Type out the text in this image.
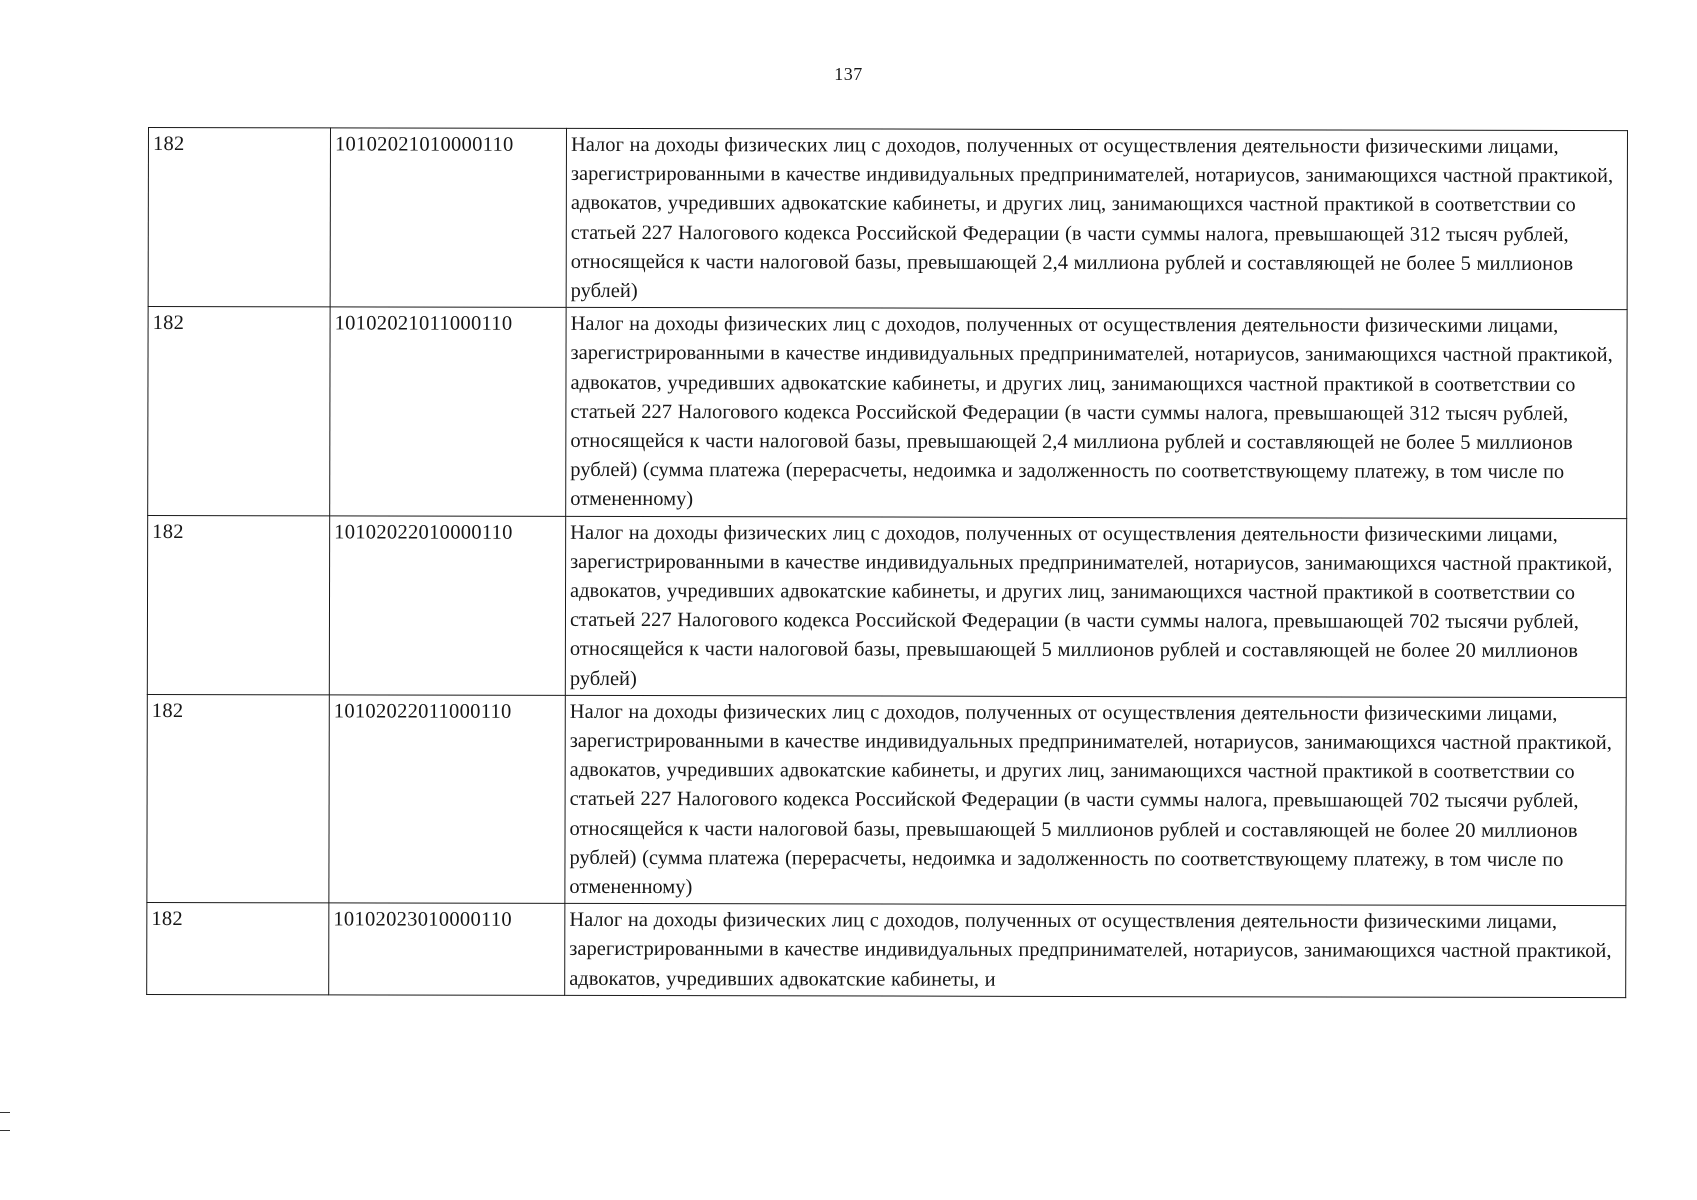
137
182	10102021010000110	Налог на доходы физических лиц с доходов, полученных от осуществления деятельности физическими лицами, зарегистрированными в качестве индивидуальных предпринимателей, нотариусов, занимающихся частной практикой, адвокатов, учредивших адвокатские кабинеты, и других лиц, занимающихся частной практикой в соответствии со статьей 227 Налогового кодекса Российской Федерации (в части суммы налога, превышающей 312 тысяч рублей, относящейся к части налоговой базы, превышающей 2,4 миллиона рублей и составляющей не более 5 миллионов рублей)
182	10102021011000110	Налог на доходы физических лиц с доходов, полученных от осуществления деятельности физическими лицами, зарегистрированными в качестве индивидуальных предпринимателей, нотариусов, занимающихся частной практикой, адвокатов, учредивших адвокатские кабинеты, и других лиц, занимающихся частной практикой в соответствии со статьей 227 Налогового кодекса Российской Федерации (в части суммы налога, превышающей 312 тысяч рублей, относящейся к части налоговой базы, превышающей 2,4 миллиона рублей и составляющей не более 5 миллионов рублей) (сумма платежа (перерасчеты, недоимка и задолженность по соответствующему платежу, в том числе по отмененному)
182	10102022010000110	Налог на доходы физических лиц с доходов, полученных от осуществления деятельности физическими лицами, зарегистрированными в качестве индивидуальных предпринимателей, нотариусов, занимающихся частной практикой, адвокатов, учредивших адвокатские кабинеты, и других лиц, занимающихся частной практикой в соответствии со статьей 227 Налогового кодекса Российской Федерации (в части суммы налога, превышающей 702 тысячи рублей, относящейся к части налоговой базы, превышающей 5 миллионов рублей и составляющей не более 20 миллионов рублей)
182	10102022011000110	Налог на доходы физических лиц с доходов, полученных от осуществления деятельности физическими лицами, зарегистрированными в качестве индивидуальных предпринимателей, нотариусов, занимающихся частной практикой, адвокатов, учредивших адвокатские кабинеты, и других лиц, занимающихся частной практикой в соответствии со статьей 227 Налогового кодекса Российской Федерации (в части суммы налога, превышающей 702 тысячи рублей, относящейся к части налоговой базы, превышающей 5 миллионов рублей и составляющей не более 20 миллионов рублей) (сумма платежа (перерасчеты, недоимка и задолженность по соответствующему платежу, в том числе по отмененному)
182	10102023010000110	Налог на доходы физических лиц с доходов, полученных от осуществления деятельности физическими лицами, зарегистрированными в качестве индивидуальных предпринимателей, нотариусов, занимающихся частной практикой, адвокатов, учредивших адвокатские кабинеты, и
